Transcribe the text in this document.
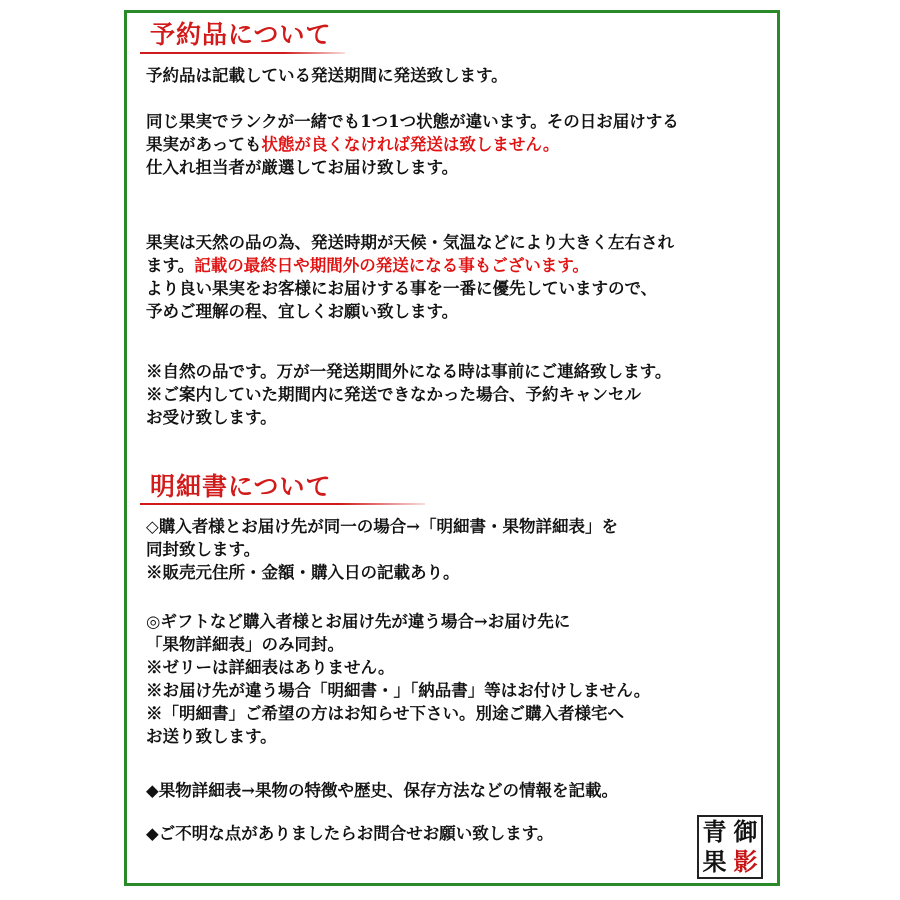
予約品について
予約品は記載している発送期間に発送致します。
同じ果実でランクが一緒でも1つ1つ状態が違います。その日お届けする
果実があっても状態が良くなければ発送は致しません。
仕入れ担当者が厳選してお届け致します。
果実は天然の品の為、発送時期が天候・気温などにより大きく左右され
ます。記載の最終日や期間外の発送になる事もございます。
より良い果実をお客様にお届けする事を一番に優先していますので、
予めご理解の程、宜しくお願い致します。
※自然の品です。万が一発送期間外になる時は事前にご連絡致します。
※ご案内していた期間内に発送できなかった場合、予約キャンセル
お受け致します。
明細書について
◇購入者様とお届け先が同一の場合→「明細書・果物詳細表」を
同封致します。
※販売元住所・金額・購入日の記載あり。
◎ギフトなど購入者様とお届け先が違う場合→お届け先に
「果物詳細表」のみ同封。
※ゼリーは詳細表はありません。
※お届け先が違う場合「明細書・」「納品書」等はお付けしません。
※「明細書」ご希望の方はお知らせ下さい。別途ご購入者様宅へ
お送り致します。
◆果物詳細表→果物の特徴や歴史、保存方法などの情報を記載。
◆ご不明な点がありましたらお問合せお願い致します。	青 御
果 影
